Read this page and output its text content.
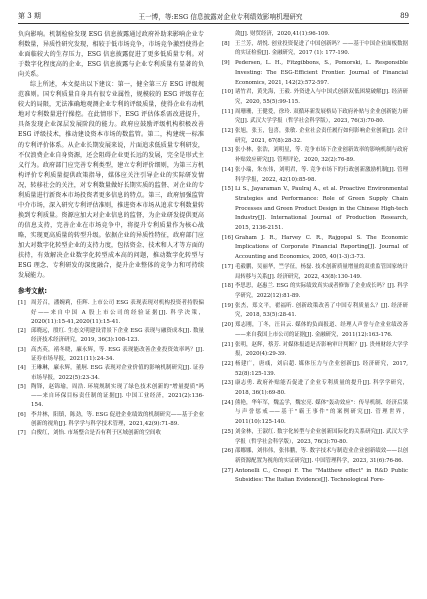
第 3 期	王一博，等:ESG 信息披露对企业专利绩效影响机理研究	89

负向影响。机制检验发现 ESG 信息披露通过政府补助来影响企业专利数量，异质性研究发现，相较于低市场竞争，市场竞争激烈使得企业面临较大的生存压力，ESG 信息披露促进了更多低质量专利。对于数字化程度高的企业，ESG 信息披露与企业专利质量有显著的负向关系。

综上所述，本文提出以下建议：第一，健全第三方 ESG 评级规范准则。国专利质量自身具有很专业属性，规模较的 ESG 评级存在较大的局限，无法准确地观测企业专利的评级质量，使得企业有动机地对专利数量进行操控。在此情形下，ESG 评估体系需改进提升，具备发现企业深层发展阶段的能力。政府应鼓励评级机构积极改善 ESG 评级技术，推动建设资本市场的数监管。第二，构建统一标准的专利评价体系。从企业长期发展来说，片面追求低质量专利研发，不仅浪费企业自身资源，还会阻碍企业更长远的发展，完全是形式主义行为。政府部门应完善专利类型，建立专利评价细则，为第三方机构评价专利质量提供政策指导，媒体应关注引导企业的实际研发情况，转移社会的关注，对专利数量做好长期实质的监督、对企业的专利质量进行新资本市场投资者更多信息的特点。第三，政府加强监管中介市场，深入研究专利评估准则，推进资本市场从追求专利数量转换到专利质量。资源应加大对企业信息的监督，为企业研发提供更高的信息支持，完善企业在市场竞争中，将提升专利质量作为核心战略，实现更高质量的转型升级。依据企业的异质性特征，政府部门应加大对数字化转型企业的支持力度，包括资金、技术和人才等方面的扶持，有效解决企业数字化转型成本高的问题，推动数字化转型与 ESG 理念、专利研发的深度融合，提升企业整体的竞争力和可持续发展能力。

参考文献:
[1] 周芳召，潘婉莉，佳辉. 上市公司 ESG 表现表现对机构投资者持股偏好——来自中国 A 股上市公司的经验证据[J]. 科学决策，2020(11):15-41,2020(11):15-41.
[2] 邱晓远，殷红. 生态文明建设背景下企业 ESG 表现与融资成本[J]. 数量经济技术经济研究，2019, 36(3):108-123.
[3] 高杰英，褚冬晓，廉永辉，等. ESG 表现能改善企业投资效率吗？[J]. 证券市场导报，2021(11):24-34.
[4] 王琳琳，廉永辉，董舸. ESG 表现对企业价值的影响机制研究[J]. 证券市场导报，2022(5):23-34.
[5] 陶锋，赵锦瑜，周浩. 环境规制实现了绿色技术创新的"增量提质"吗——来自环保目标责任制的证据[J]. 中国工业经济，2021(2):136-154.
[6] 李井林，阳镇，陈劲，等. ESG 促进企业绩效的机制研究——基于企业创新的视角[J]. 科学学与科学技术管理，2021,42(9):71-89.
[7] 白俊红，刘怡. 市场整合是否有利于区域创新的空间收
敛[J]. 财贸经济，2020,41(1):96-109.
[8] 王兰芳，胡悦. 创业投资促进了中国创新吗？——基于中国企业面板数据的实证检验[J]. 金融研究，2017 (1): 177-190.
[9] Pedersen, L. H., Fitzgibbons, S., Pomorski, L. Responsible Investing: The ESG-Efficient Frontier. Journal of Financial Economics, 2021, 142(2):572-597.
[10] 诸竹君，黄先海，王毅. 外资进入与中国式创新双低困境破解[J]. 经济研究，2020, 55(5):99-115.
[11] 周珊珊，王健爱，徐玲. 双循环新发展格局下政府补贴与企业创新能力研究[J]. 武汉大学学报（哲学社会科学版），2023, 76(3):70-80.
[12] 张旭，张玉，包喜，张敏. 企业社会责任履行如何影响企业创新[J]. 会计研究，2021, 67(8):28-32.
[13] 张小林，张浩，刘明星，等. 竞争市场下企业创新效率的影响机制与政府补贴效应研究[J]. 管理评论，2020, 32(2):76-89.
[14] 张小瑞，朱东伟，刘明君，等. 竞争市场下的行政创新激励机制[J]. 管理科学学报，2022, 42(10):85-98.
[15] Li S., Jayaraman V., Paulraj A., et al. Proactive Environmental Strategies and Performance: Role of Green Supply Chain Processes and Green Product Design in the Chinese High-tech Industry[J]. International Journal of Production Research, 2015, 2136-2151.
[16] Graham J. R., Harvey C. R., Rajgopal S. The Economic Implications of Corporate Financial Reporting[J]. Journal of Accounting and Economics, 2005, 40(1-3):3-73.
[17] 毛毅鹏，吴丽华，竺学征，杨磊. 技术创新质量增量的双重监管国家统计局转移与关系[J]. 经济研究，2022, 43(8):130-149.
[18] 李思思，赵惠兰. ESG 的实际绩效真实或者修饰了企业成长吗？[J]. 科学学研究，2022(12):81-89.
[19] 张杰，郑文平，翟福昕. 创新政策改善了中国专利质量么？[J]. 经济研究，2018, 53(5):28-41.
[20] 郑志刚，丁冬，汪昌云. 媒体的负面报道、经理人声誉与企业业绩改善——来自我国上市公司的证据[J]. 金融研究，2011(12):163-176.
[21] 张明，赵辉，蔡芳. 对媒体报道是否影响审计判断？[J]. 贵州财经大学学报，2020(4):29-39.
[22] 杨建广，唐彧，刘启超. 媒体压力与企业创新[J]. 经济研究，2017, 52(8):125-139.
[23] 康志勇. 政府补贴能否促进了企业专利质量的提升[J]. 科学学研究，2018, 36(1):69-80.
[24] 熊艳，华年军，魏孟学，魏宏亮. 媒体"轰动效应"：传导机制、经济后果与声誉惩戒——基于"霸王事件"的案例研究[J]. 管理世界，2011(10):125-140.
[25] 刘金林，王淑红. 数字化转型与企业创新国际化的关系研究[J]. 武汉大学学报（哲学社会科学版），2023, 76(3):70-80.
[26] 邵娜娜，刘伟伟，张伟鹏，等. 数字技术与制造业企业创新绩效——以创新资源配置为视角的实证研究[J]. 中国管理科学，2023, 31(6):76-86.
[27] Antonelli C., Crespi F. The "Matthew effect" in R&D Public Subsidies: The Italian Evidence[J]. Technological Fore-
